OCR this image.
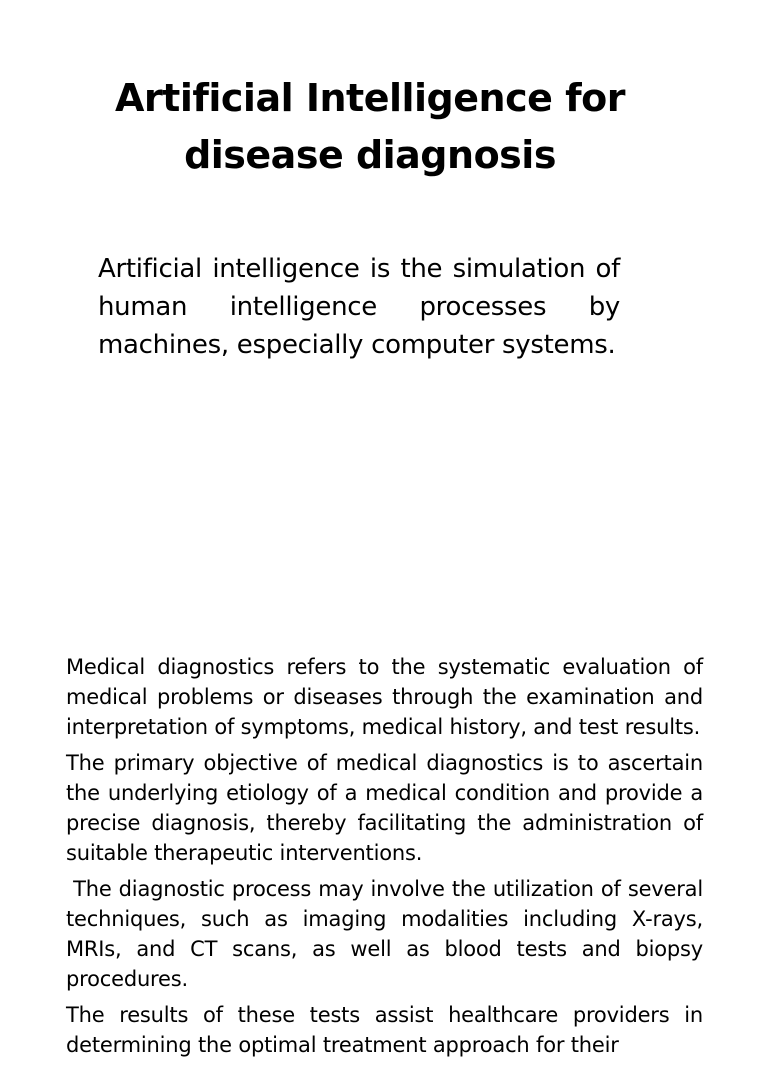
Artificial Intelligence for disease diagnosis

Artificial intelligence is the simulation of human intelligence processes by machines, especially computer systems.

Medical diagnostics refers to the systematic evaluation of medical problems or diseases through the examination and interpretation of symptoms, medical history, and test results.

The primary objective of medical diagnostics is to ascertain the underlying etiology of a medical condition and provide a precise diagnosis, thereby facilitating the administration of suitable therapeutic interventions.

The diagnostic process may involve the utilization of several techniques, such as imaging modalities including X-rays, MRIs, and CT scans, as well as blood tests and biopsy procedures.

The results of these tests assist healthcare providers in determining the optimal treatment approach for their
